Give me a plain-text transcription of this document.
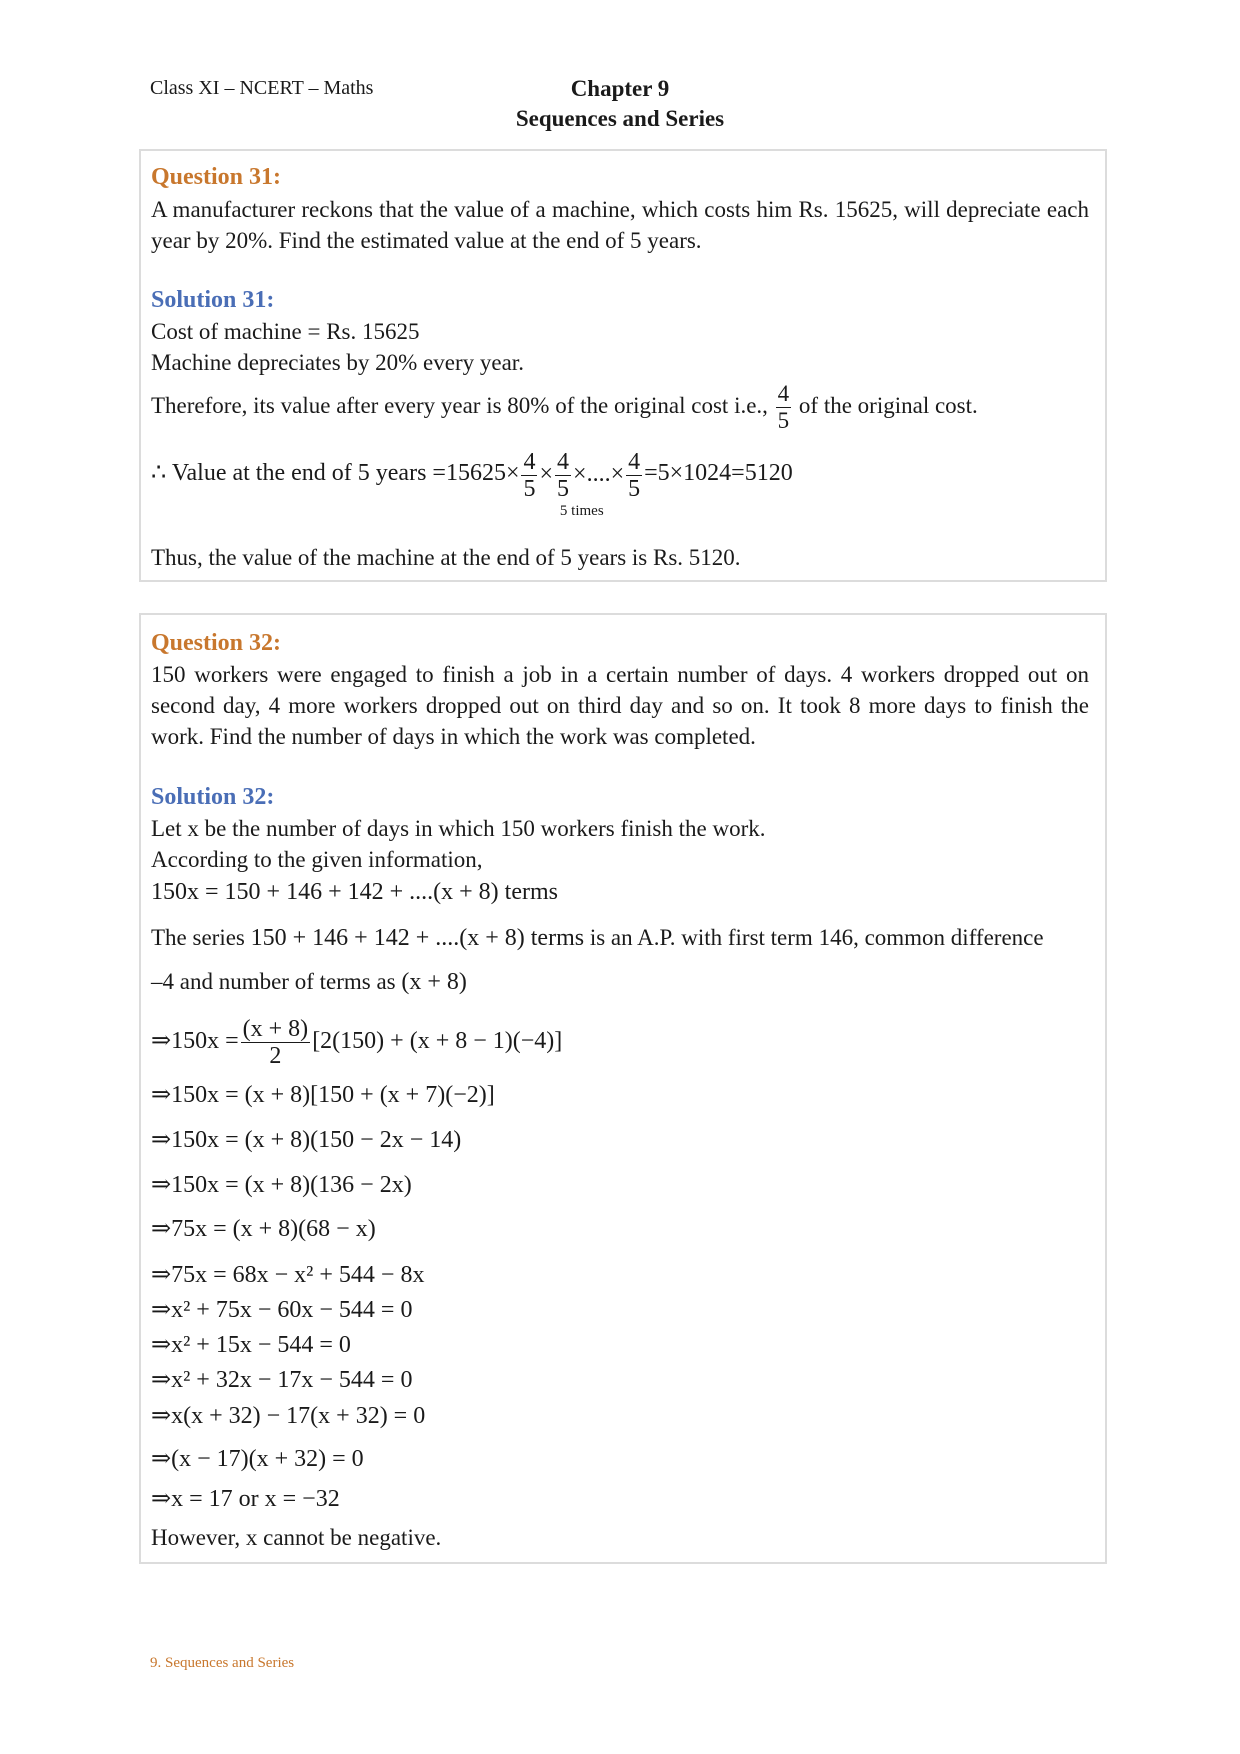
Class XI – NCERT – Maths	Chapter 9
Sequences and Series
Question 31:
A manufacturer reckons that the value of a machine, which costs him Rs. 15625, will depreciate each year by 20%. Find the estimated value at the end of 5 years.
Solution 31:
Cost of machine = Rs. 15625
Machine depreciates by 20% every year.
Therefore, its value after every year is 80% of the original cost i.e., $\frac{4}{5}$ of the original cost.
∴ Value at the end of 5 years $=15625\times \frac{4}{5} \times \frac{4}{5}$ ×....× $\frac{4}{5}$
5 times
=5×1024=5120
Thus, the value of the machine at the end of 5 years is Rs. 5120.
Question 32:
150 workers were engaged to finish a job in a certain number of days. 4 workers dropped out on second day, 4 more workers dropped out on third day and so on. It took 8 more days to finish the work. Find the number of days in which the work was completed.
Solution 32:
Let x be the number of days in which 150 workers finish the work.
According to the given information,
150x = 150 + 146 + 142 + ....(x + 8) terms
The series 150 + 146 + 142 + ....(x + 8) terms is an A.P. with first term 146, common difference
–4 and number of terms as (x + 8)
⇒150x = $\frac{(x + 8)}{2} [2(150) + (x + 8 - 1)(-4)]$
⇒150x = (x + 8)[150 + (x + 7)(−2)]
⇒150x = (x + 8)(150 − 2x − 14)
⇒150x = (x + 8)(136 − 2x)
⇒75x = (x + 8)(68 − x)
⇒75x = 68x − x² + 544 − 8x
⇒x² + 75x − 60x − 544 = 0
⇒x² + 15x − 544 = 0
⇒x² + 32x − 17x − 544 = 0
⇒x(x + 32) − 17(x + 32) = 0
⇒(x − 17)(x + 32) = 0
⇒x = 17 or x = −32
However, x cannot be negative.
9. Sequences and Series
